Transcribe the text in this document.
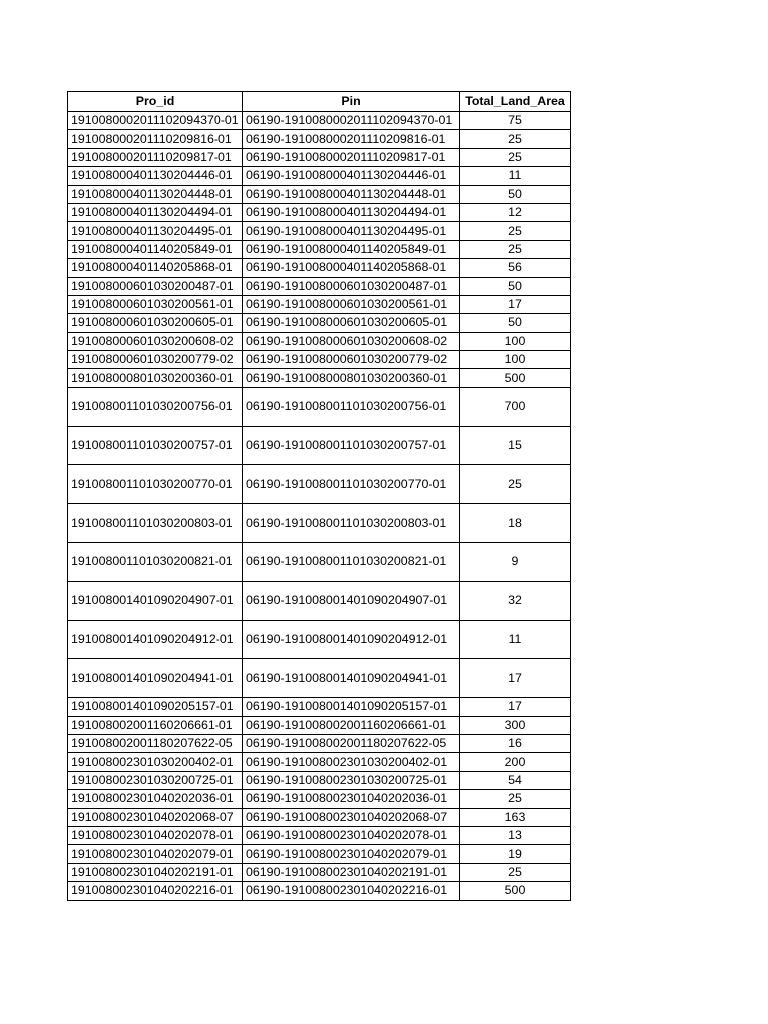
Pro_id	Pin	Total_Land_Area
1910080002011102094370-01	06190-1910080002011102094370-01	75
191008000201110209816-01	06190-191008000201110209816-01	25
191008000201110209817-01	06190-191008000201110209817-01	25
191008000401130204446-01	06190-191008000401130204446-01	11
191008000401130204448-01	06190-191008000401130204448-01	50
191008000401130204494-01	06190-191008000401130204494-01	12
191008000401130204495-01	06190-191008000401130204495-01	25
191008000401140205849-01	06190-191008000401140205849-01	25
191008000401140205868-01	06190-191008000401140205868-01	56
191008000601030200487-01	06190-191008000601030200487-01	50
191008000601030200561-01	06190-191008000601030200561-01	17
191008000601030200605-01	06190-191008000601030200605-01	50
191008000601030200608-02	06190-191008000601030200608-02	100
191008000601030200779-02	06190-191008000601030200779-02	100
191008000801030200360-01	06190-191008000801030200360-01	500
191008001101030200756-01	06190-191008001101030200756-01	700
191008001101030200757-01	06190-191008001101030200757-01	15
191008001101030200770-01	06190-191008001101030200770-01	25
191008001101030200803-01	06190-191008001101030200803-01	18
191008001101030200821-01	06190-191008001101030200821-01	9
191008001401090204907-01	06190-191008001401090204907-01	32
191008001401090204912-01	06190-191008001401090204912-01	11
191008001401090204941-01	06190-191008001401090204941-01	17
191008001401090205157-01	06190-191008001401090205157-01	17
191008002001160206661-01	06190-191008002001160206661-01	300
191008002001180207622-05	06190-191008002001180207622-05	16
191008002301030200402-01	06190-191008002301030200402-01	200
191008002301030200725-01	06190-191008002301030200725-01	54
191008002301040202036-01	06190-191008002301040202036-01	25
191008002301040202068-07	06190-191008002301040202068-07	163
191008002301040202078-01	06190-191008002301040202078-01	13
191008002301040202079-01	06190-191008002301040202079-01	19
191008002301040202191-01	06190-191008002301040202191-01	25
191008002301040202216-01	06190-191008002301040202216-01	500
